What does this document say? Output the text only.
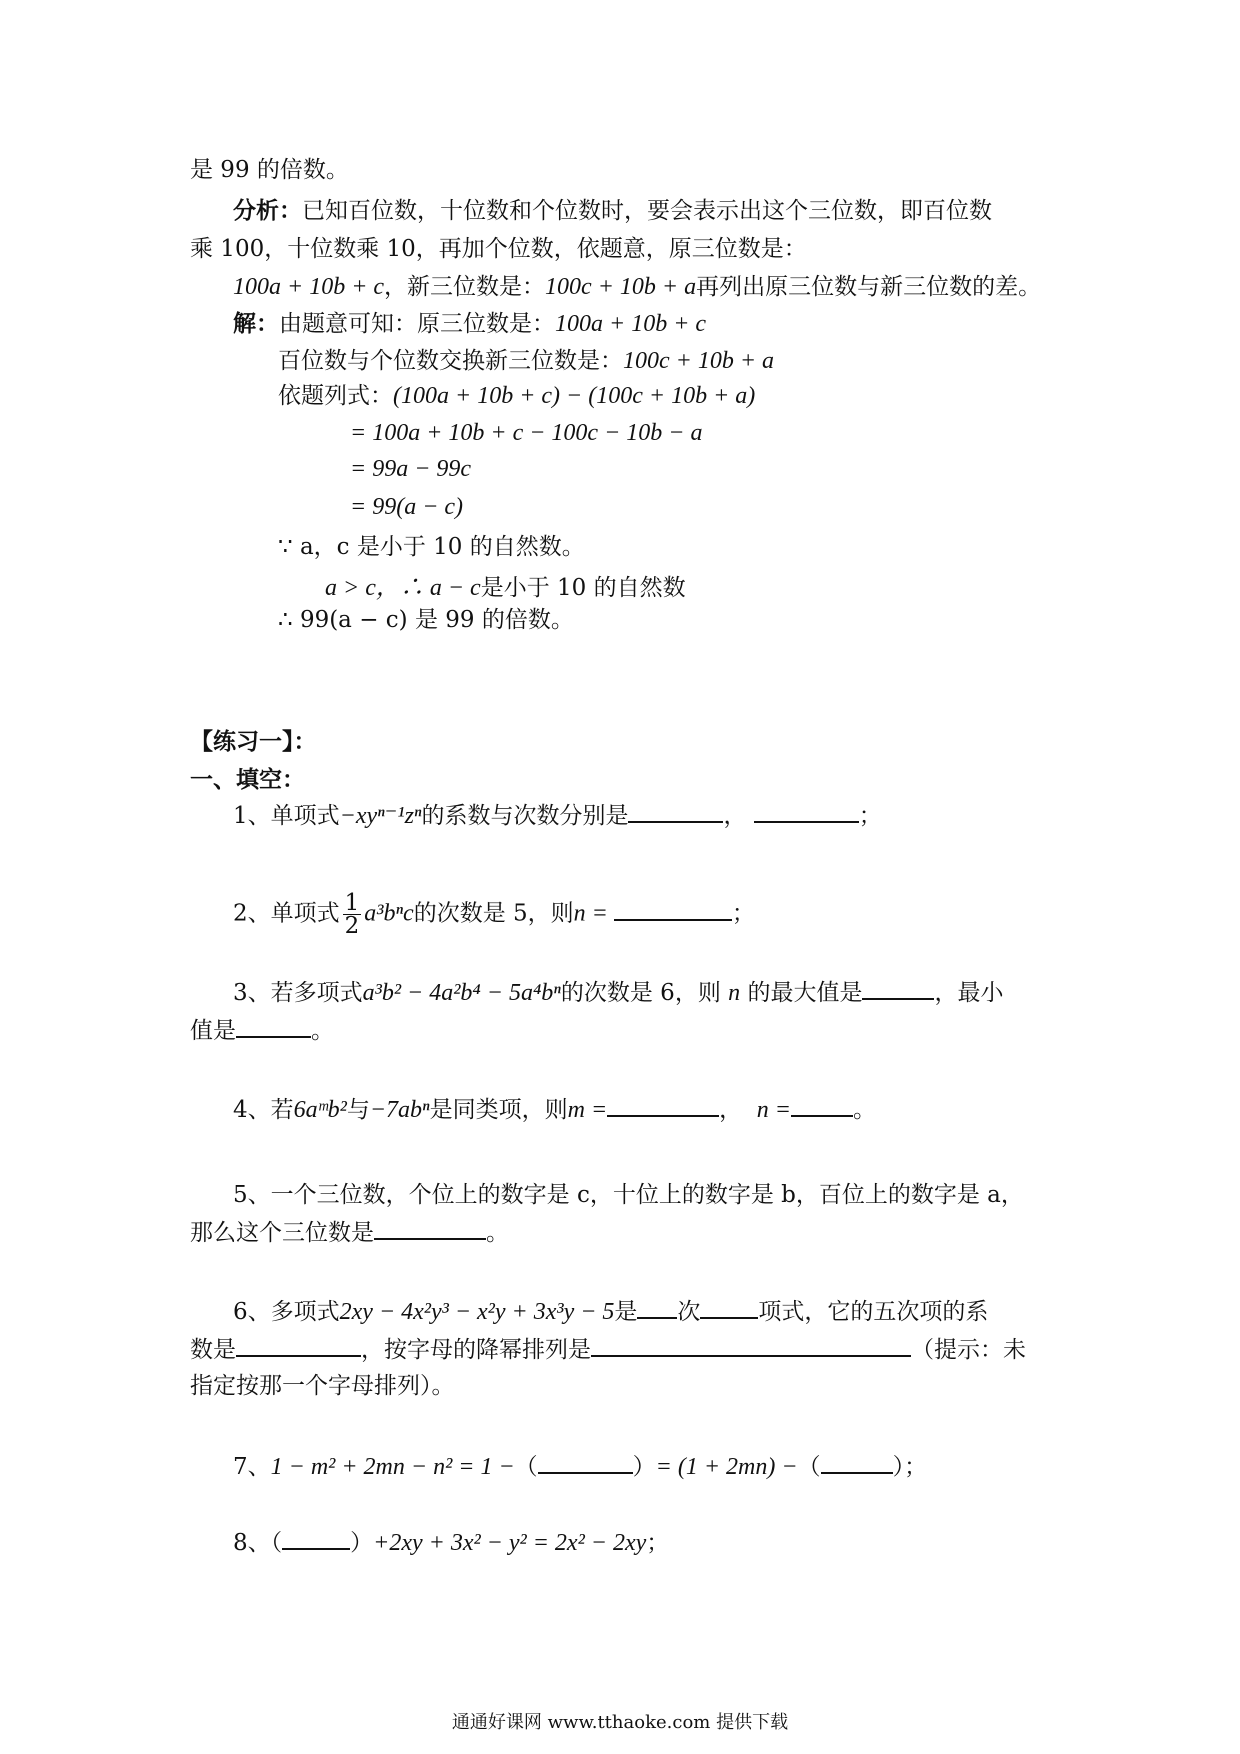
是 99 的倍数。
分析：已知百位数，十位数和个位数时，要会表示出这个三位数，即百位数
乘 100，十位数乘 10，再加个位数，依题意，原三位数是：
100a + 10b + c，新三位数是：100c + 10b + a再列出原三位数与新三位数的差。
解：由题意可知：原三位数是：100a + 10b + c
百位数与个位数交换新三位数是：100c + 10b + a
依题列式：(100a + 10b + c) − (100c + 10b + a)
= 100a + 10b + c − 100c − 10b − a
= 99a − 99c
= 99(a − c)
∵ a，c 是小于 10 的自然数。
a > c，∴ a − c是小于 10 的自然数
∴ 99(a − c) 是 99 的倍数。
【练习一】：
一、填空：
1、单项式−xyⁿ⁻¹zⁿ的系数与次数分别是	，	；
2、单项式 $\frac{1}{2} a^3b^nc$的次数是 5，则n =	；
3、若多项式a³b² − 4a²b⁴ − 5a⁴bⁿ的次数是 6，则 n 的最大值是	，最小
值是	。
4、若6aᵐb²与−7abⁿ是同类项，则m =	， n =	。
5、一个三位数，个位上的数字是 c，十位上的数字是 b，百位上的数字是 a，
那么这个三位数是	。
6、多项式2xy − 4x²y³ − x²y + 3x³y − 5是 次	项式，它的五次项的系
数是	，按字母的降幂排列是	（提示：未
指定按那一个字母排列）。
7、1 − m² + 2mn − n² = 1 −（	）= (1 + 2mn) −（	）；
8、（	）+2xy + 3x² − y² = 2x² − 2xy；
通通好课网 www.tthaoke.com 提供下载
